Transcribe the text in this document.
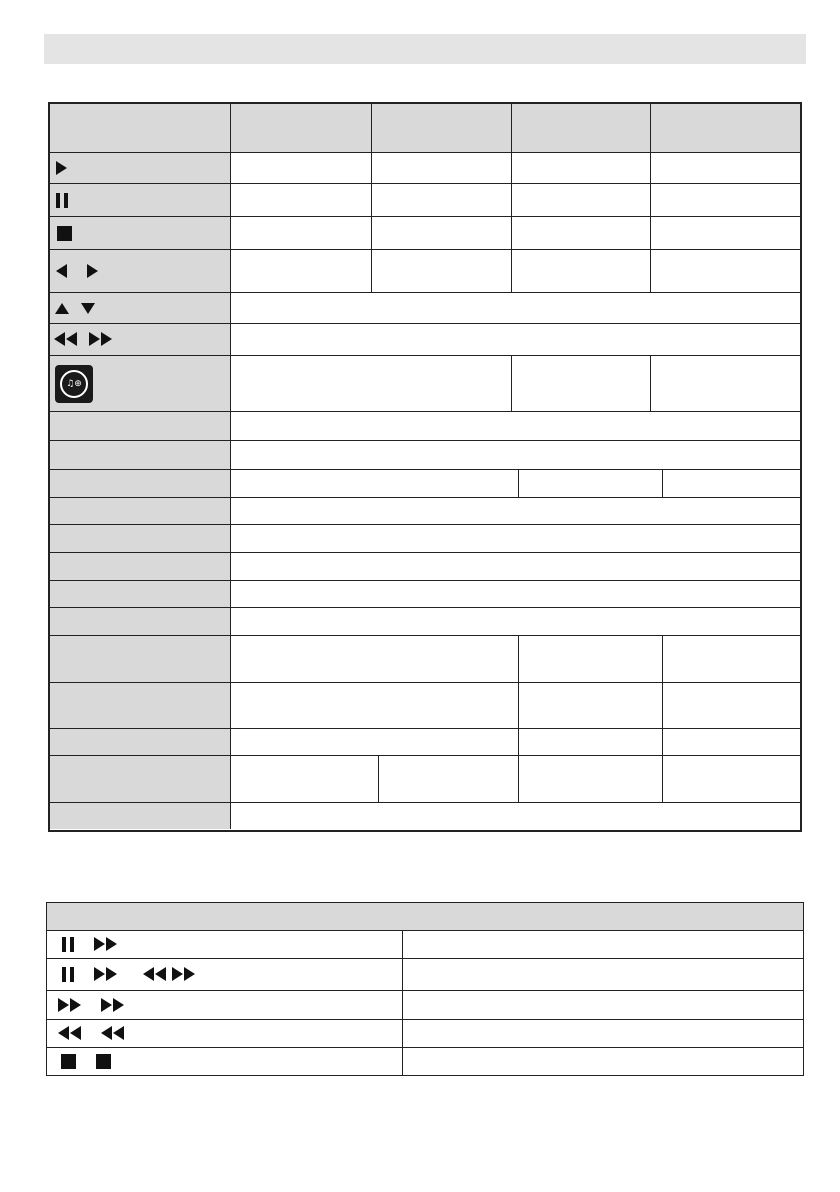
♫⊕
